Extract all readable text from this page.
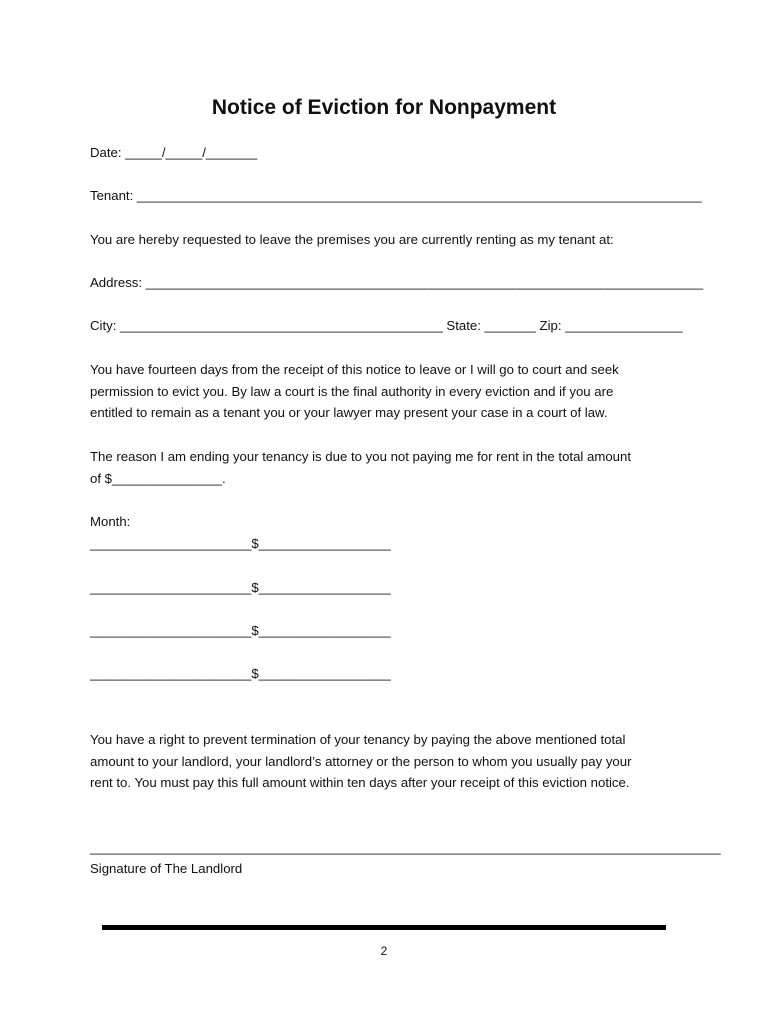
Notice of Eviction for Nonpayment

Date: _____/_____/_______

Tenant: _____________________________________________________________________________

You are hereby requested to leave the premises you are currently renting as my tenant at:

Address: ____________________________________________________________________________

City: ____________________________________________ State: _______ Zip: ________________

You have fourteen days from the receipt of this notice to leave or I will go to court and seek
permission to evict you. By law a court is the final authority in every eviction and if you are
entitled to remain as a tenant you or your lawyer may present your case in a court of law.
The reason I am ending your tenancy is due to you not paying me for rent in the total amount
of $_______________.

Month:

______________________$__________________
______________________$__________________
______________________$__________________
______________________$__________________
You have a right to prevent termination of your tenancy by paying the above mentioned total
amount to your landlord, your landlord’s attorney or the person to whom you usually pay your
rent to. You must pay this full amount within ten days after your receipt of this eviction notice.

______________________________________________________________________________________

Signature of The Landlord

2
